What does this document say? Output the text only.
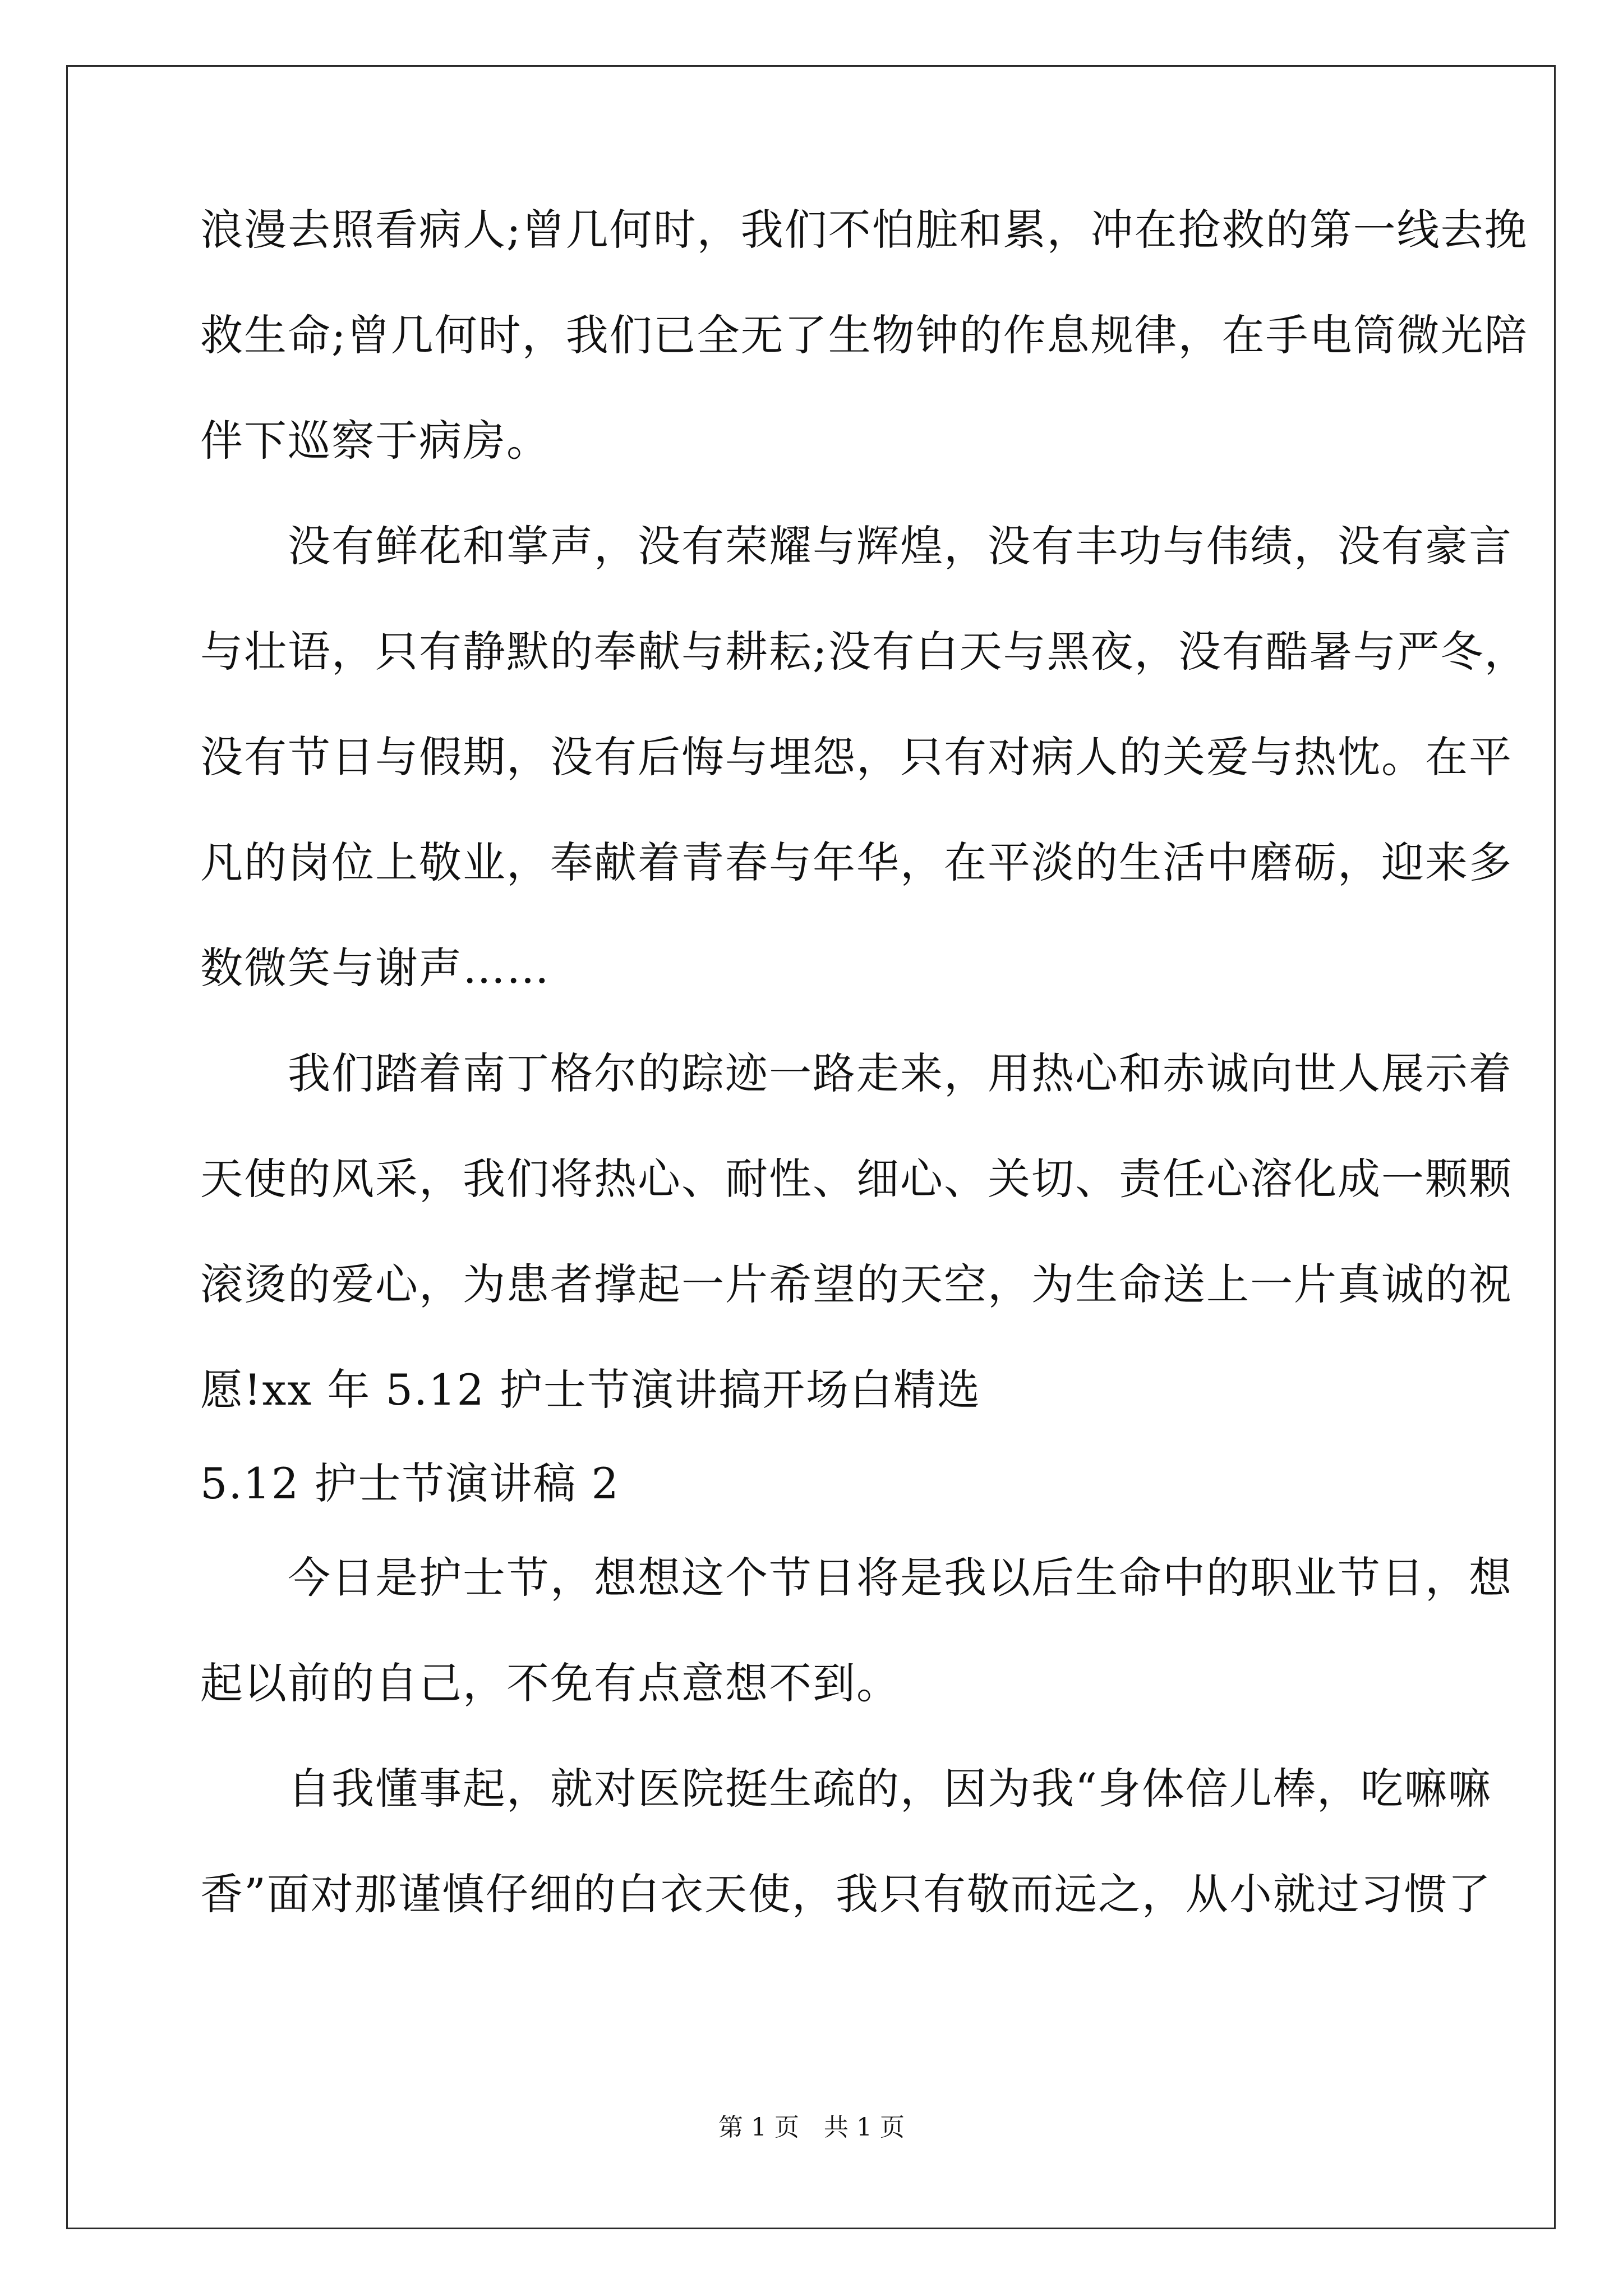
浪漫去照看病人;曾几何时，我们不怕脏和累，冲在抢救的第一线去挽
救生命;曾几何时，我们已全无了生物钟的作息规律，在手电筒微光陪
伴下巡察于病房。
　　没有鲜花和掌声，没有荣耀与辉煌，没有丰功与伟绩，没有豪言
与壮语，只有静默的奉献与耕耘;没有白天与黑夜，没有酷暑与严冬，
没有节日与假期，没有后悔与埋怨，只有对病人的关爱与热忱。在平
凡的岗位上敬业，奉献着青春与年华，在平淡的生活中磨砺，迎来多
数微笑与谢声……
　　我们踏着南丁格尔的踪迹一路走来，用热心和赤诚向世人展示着
天使的风采，我们将热心、耐性、细心、关切、责任心溶化成一颗颗
滚烫的爱心，为患者撑起一片希望的天空，为生命送上一片真诚的祝
愿!xx 年 5.12 护士节演讲搞开场白精选
5.12 护士节演讲稿 2
　　今日是护士节，想想这个节日将是我以后生命中的职业节日，想
起以前的自己，不免有点意想不到。
　　自我懂事起，就对医院挺生疏的，因为我“身体倍儿棒，吃嘛嘛
香”面对那谨慎仔细的白衣天使，我只有敬而远之，从小就过习惯了
第 1 页　共 1 页
